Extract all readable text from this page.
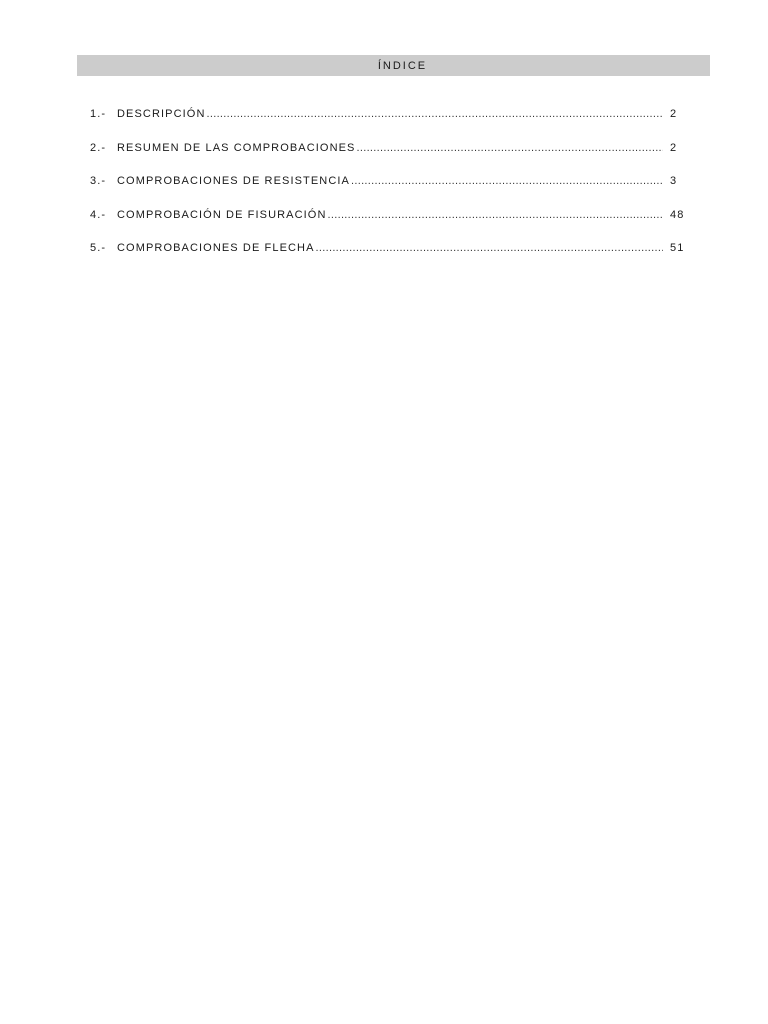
ÍNDICE
1.- DESCRIPCIÓN .....	2
2.- RESUMEN DE LAS COMPROBACIONES .....	2
3.- COMPROBACIONES DE RESISTENCIA .....	3
4.- COMPROBACIÓN DE FISURACIÓN .....	48
5.- COMPROBACIONES DE FLECHA .....	51
